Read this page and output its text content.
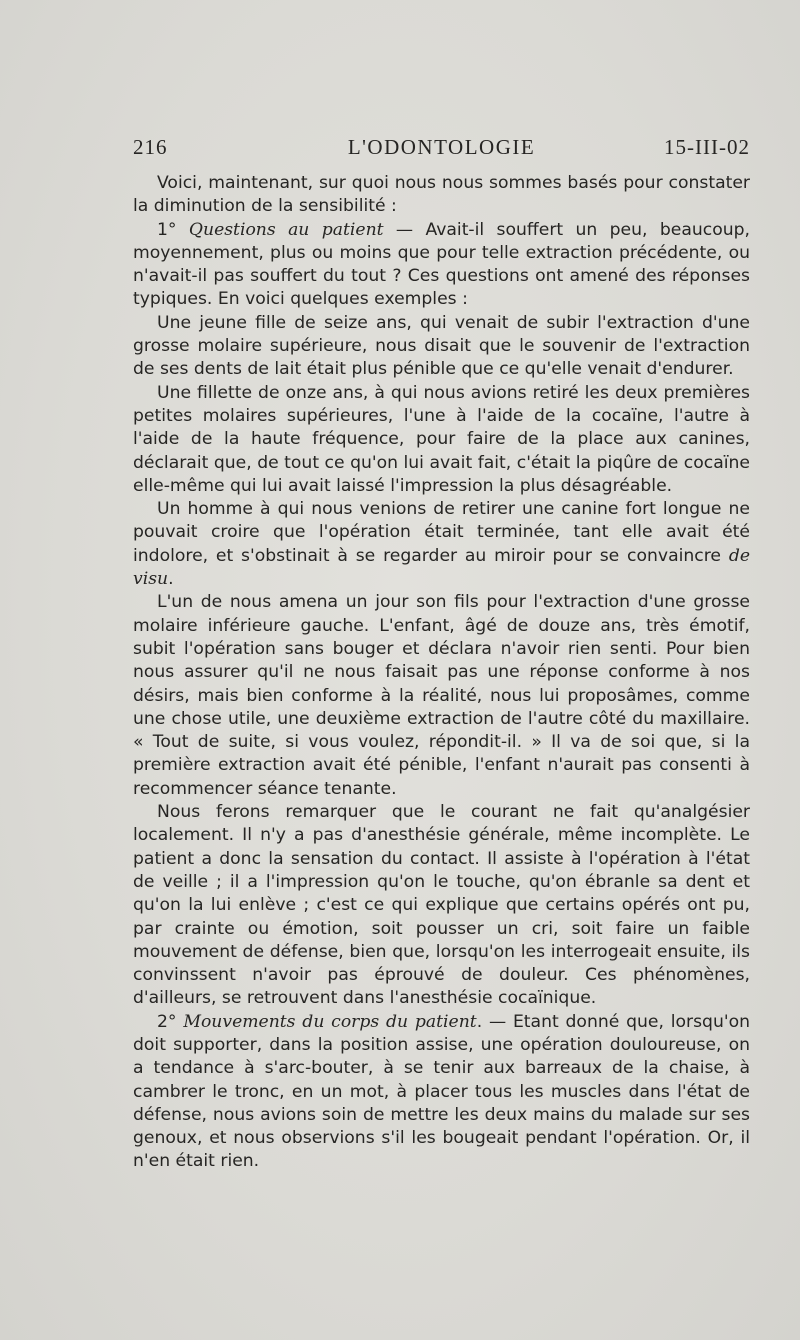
216	L'ODONTOLOGIE	15-III-02

Voici, maintenant, sur quoi nous nous sommes basés pour constater la diminution de la sensibilité :

1° Questions au patient — Avait-il souffert un peu, beaucoup, moyennement, plus ou moins que pour telle extraction précédente, ou n'avait-il pas souffert du tout ? Ces questions ont amené des réponses typiques. En voici quelques exemples :

Une jeune fille de seize ans, qui venait de subir l'extraction d'une grosse molaire supérieure, nous disait que le souvenir de l'extraction de ses dents de lait était plus pénible que ce qu'elle venait d'endurer.

Une fillette de onze ans, à qui nous avions retiré les deux premières petites molaires supérieures, l'une à l'aide de la cocaïne, l'autre à l'aide de la haute fréquence, pour faire de la place aux canines, déclarait que, de tout ce qu'on lui avait fait, c'était la piqûre de cocaïne elle-même qui lui avait laissé l'impression la plus désagréable.

Un homme à qui nous venions de retirer une canine fort longue ne pouvait croire que l'opération était terminée, tant elle avait été indolore, et s'obstinait à se regarder au miroir pour se convaincre de visu.

L'un de nous amena un jour son fils pour l'extraction d'une grosse molaire inférieure gauche. L'enfant, âgé de douze ans, très émotif, subit l'opération sans bouger et déclara n'avoir rien senti. Pour bien nous assurer qu'il ne nous faisait pas une réponse conforme à nos désirs, mais bien conforme à la réalité, nous lui proposâmes, comme une chose utile, une deuxième extraction de l'autre côté du maxillaire. « Tout de suite, si vous voulez, répondit-il. » Il va de soi que, si la première extraction avait été pénible, l'enfant n'aurait pas consenti à recommencer séance tenante.

Nous ferons remarquer que le courant ne fait qu'analgésier localement. Il n'y a pas d'anesthésie générale, même incomplète. Le patient a donc la sensation du contact. Il assiste à l'opération à l'état de veille ; il a l'impression qu'on le touche, qu'on ébranle sa dent et qu'on la lui enlève ; c'est ce qui explique que certains opérés ont pu, par crainte ou émotion, soit pousser un cri, soit faire un faible mouvement de défense, bien que, lorsqu'on les interrogeait ensuite, ils convinssent n'avoir pas éprouvé de douleur. Ces phénomènes, d'ailleurs, se retrouvent dans l'anesthésie cocaïnique.

2° Mouvements du corps du patient. — Etant donné que, lorsqu'on doit supporter, dans la position assise, une opération douloureuse, on a tendance à s'arc-bouter, à se tenir aux barreaux de la chaise, à cambrer le tronc, en un mot, à placer tous les muscles dans l'état de défense, nous avions soin de mettre les deux mains du malade sur ses genoux, et nous observions s'il les bougeait pendant l'opération. Or, il n'en était rien.
